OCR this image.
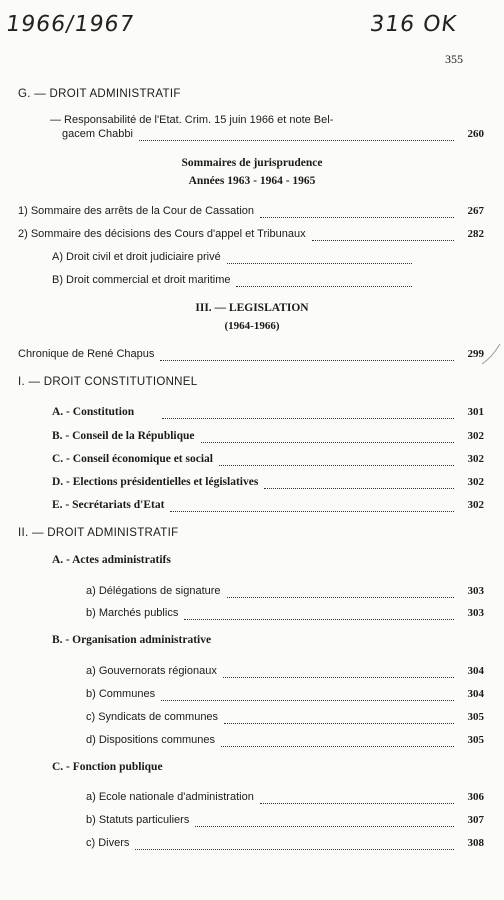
1966/1967	316 OK
355
G. — DROIT ADMINISTRATIF
— Responsabilité de l'Etat. Crim. 15 juin 1966 et note Bel-
gacem Chabbi	260
Sommaires de jurisprudence
Années 1963 - 1964 - 1965
1) Sommaire des arrêts de la Cour de Cassation	267
2) Sommaire des décisions des Cours d'appel et Tribunaux	282
A) Droit civil et droit judiciaire privé
B) Droit commercial et droit maritime
III. — LEGISLATION
(1964-1966)
Chronique de René Chapus	299
I. — DROIT CONSTITUTIONNEL
A. - Constitution	301
B. - Conseil de la République	302
C. - Conseil économique et social	302
D. - Elections présidentielles et législatives	302
E. - Secrétariats d'Etat	302
II. — DROIT ADMINISTRATIF
A. - Actes administratifs
a) Délégations de signature	303
b) Marchés publics	303
B. - Organisation administrative
a) Gouvernorats régionaux	304
b) Communes	304
c) Syndicats de communes	305
d) Dispositions communes	305
C. - Fonction publique
a) Ecole nationale d'administration	306
b) Statuts particuliers	307
c) Divers	308
